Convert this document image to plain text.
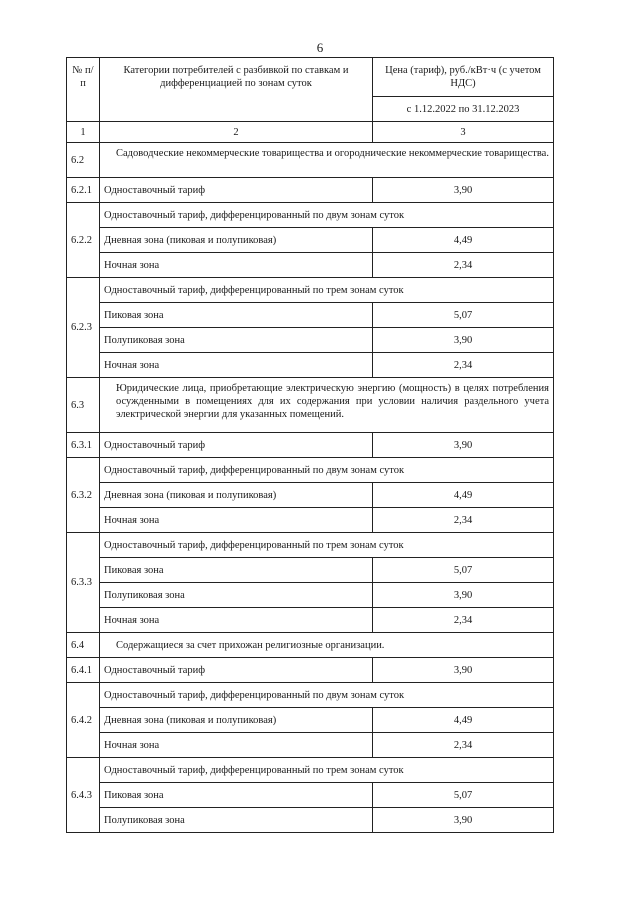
6
№ п/п	Категории потребителей с разбивкой по ставкам и дифференциацией по зонам суток	Цена (тариф), руб./кВт·ч (с учетом НДС)
		с 1.12.2022 по 31.12.2023
1	2	3
6.2	Садоводческие некоммерческие товарищества и огороднические некоммерческие товарищества.	
6.2.1	Одноставочный тариф	3,90
6.2.2	Одноставочный тариф, дифференцированный по двум зонам суток	
	Дневная зона (пиковая и полупиковая)	4,49
	Ночная зона	2,34
6.2.3	Одноставочный тариф, дифференцированный по трем зонам суток	
	Пиковая зона	5,07
	Полупиковая зона	3,90
	Ночная зона	2,34
6.3	Юридические лица, приобретающие электрическую энергию (мощность) в целях потребления осужденными в помещениях для их содержания при условии наличия раздельного учета электрической энергии для указанных помещений.	
6.3.1	Одноставочный тариф	3,90
6.3.2	Одноставочный тариф, дифференцированный по двум зонам суток	
	Дневная зона (пиковая и полупиковая)	4,49
	Ночная зона	2,34
6.3.3	Одноставочный тариф, дифференцированный по трем зонам суток	
	Пиковая зона	5,07
	Полупиковая зона	3,90
	Ночная зона	2,34
6.4	Содержащиеся за счет прихожан религиозные организации.	
6.4.1	Одноставочный тариф	3,90
6.4.2	Одноставочный тариф, дифференцированный по двум зонам суток	
	Дневная зона (пиковая и полупиковая)	4,49
	Ночная зона	2,34
6.4.3	Одноставочный тариф, дифференцированный по трем зонам суток	
	Пиковая зона	5,07
	Полупиковая зона	3,90
